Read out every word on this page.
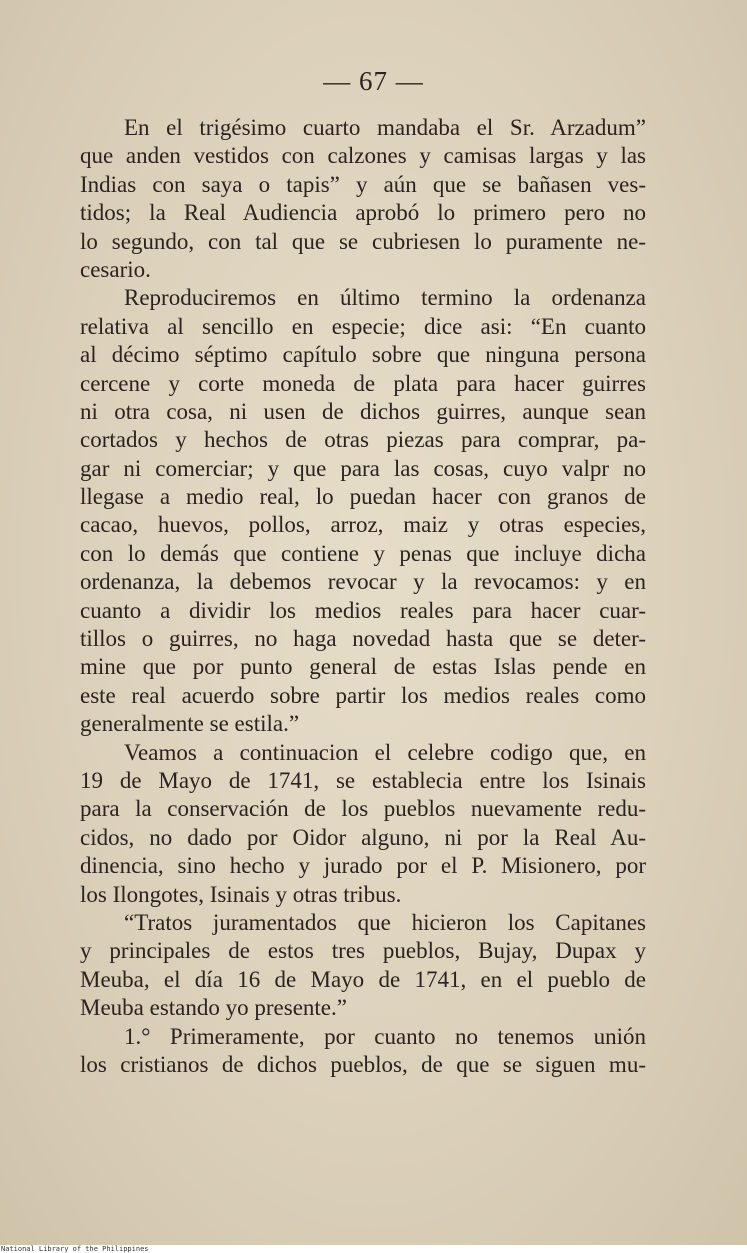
— 67 —
En el trigésimo cuarto mandaba el Sr. Arzadum”
que anden vestidos con calzones y camisas largas y las
Indias con saya o tapis” y aún que se bañasen ves-
tidos; la Real Audiencia aprobó lo primero pero no
lo segundo, con tal que se cubriesen lo puramente ne-
cesario.
Reproduciremos en último termino la ordenanza
relativa al sencillo en especie; dice asi: “En cuanto
al décimo séptimo capítulo sobre que ninguna persona
cercene y corte moneda de plata para hacer guirres
ni otra cosa, ni usen de dichos guirres, aunque sean
cortados y hechos de otras piezas para comprar, pa-
gar ni comerciar; y que para las cosas, cuyo valpr no
llegase a medio real, lo puedan hacer con granos de
cacao, huevos, pollos, arroz, maiz y otras especies,
con lo demás que contiene y penas que incluye dicha
ordenanza, la debemos revocar y la revocamos: y en
cuanto a dividir los medios reales para hacer cuar-
tillos o guirres, no haga novedad hasta que se deter-
mine que por punto general de estas Islas pende en
este real acuerdo sobre partir los medios reales como
generalmente se estila.”
Veamos a continuacion el celebre codigo que, en
19 de Mayo de 1741, se establecia entre los Isinais
para la conservación de los pueblos nuevamente redu-
cidos, no dado por Oidor alguno, ni por la Real Au-
dinencia, sino hecho y jurado por el P. Misionero, por
los Ilongotes, Isinais y otras tribus.
“Tratos juramentados que hicieron los Capitanes
y principales de estos tres pueblos, Bujay, Dupax y
Meuba, el día 16 de Mayo de 1741, en el pueblo de
Meuba estando yo presente.”
1.° Primeramente, por cuanto no tenemos unión
los cristianos de dichos pueblos, de que se siguen mu-
National Library of the Philippines
